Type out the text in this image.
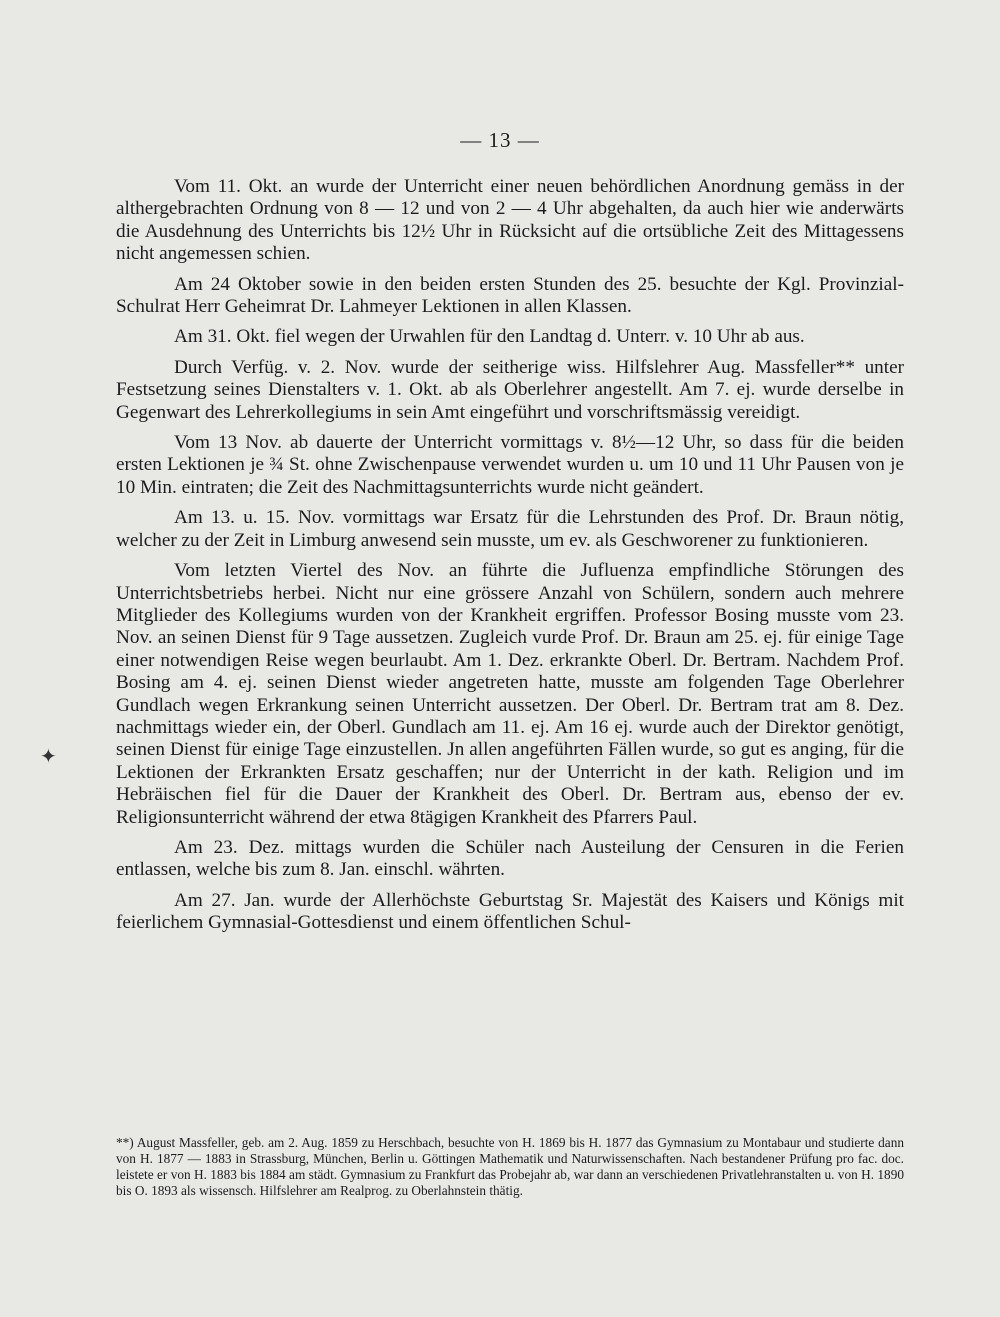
— 13 —

Vom 11. Okt. an wurde der Unterricht einer neuen behördlichen Anordnung gemäss in der althergebrachten Ordnung von 8 — 12 und von 2 — 4 Uhr abgehalten, da auch hier wie anderwärts die Ausdehnung des Unterrichts bis 12½ Uhr in Rücksicht auf die ortsübliche Zeit des Mittagessens nicht angemessen schien.

Am 24 Oktober sowie in den beiden ersten Stunden des 25. besuchte der Kgl. Provinzial-Schulrat Herr Geheimrat Dr. Lahmeyer Lektionen in allen Klassen.

Am 31. Okt. fiel wegen der Urwahlen für den Landtag d. Unterr. v. 10 Uhr ab aus.

Durch Verfüg. v. 2. Nov. wurde der seitherige wiss. Hilfslehrer Aug. Massfeller** unter Festsetzung seines Dienstalters v. 1. Okt. ab als Oberlehrer angestellt. Am 7. ej. wurde derselbe in Gegenwart des Lehrerkollegiums in sein Amt eingeführt und vorschriftsmässig vereidigt.

Vom 13 Nov. ab dauerte der Unterricht vormittags v. 8½—12 Uhr, so dass für die beiden ersten Lektionen je ¾ St. ohne Zwischenpause verwendet wurden u. um 10 und 11 Uhr Pausen von je 10 Min. eintraten; die Zeit des Nachmittagsunterrichts wurde nicht geändert.

Am 13. u. 15. Nov. vormittags war Ersatz für die Lehrstunden des Prof. Dr. Braun nötig, welcher zu der Zeit in Limburg anwesend sein musste, um ev. als Geschworener zu funktionieren.

Vom letzten Viertel des Nov. an führte die Jufluenza empfindliche Störungen des Unterrichtsbetriebs herbei. Nicht nur eine grössere Anzahl von Schülern, sondern auch mehrere Mitglieder des Kollegiums wurden von der Krankheit ergriffen. Professor Bosing musste vom 23. Nov. an seinen Dienst für 9 Tage aussetzen. Zugleich vurde Prof. Dr. Braun am 25. ej. für einige Tage einer notwendigen Reise wegen beurlaubt. Am 1. Dez. erkrankte Oberl. Dr. Bertram. Nachdem Prof. Bosing am 4. ej. seinen Dienst wieder angetreten hatte, musste am folgenden Tage Oberlehrer Gundlach wegen Erkrankung seinen Unterricht aussetzen. Der Oberl. Dr. Bertram trat am 8. Dez. nachmittags wieder ein, der Oberl. Gundlach am 11. ej. Am 16 ej. wurde auch der Direktor genötigt, seinen Dienst für einige Tage einzustellen. Jn allen angeführten Fällen wurde, so gut es anging, für die Lektionen der Erkrankten Ersatz geschaffen; nur der Unterricht in der kath. Religion und im Hebräischen fiel für die Dauer der Krankheit des Oberl. Dr. Bertram aus, ebenso der ev. Religionsunterricht während der etwa 8tägigen Krankheit des Pfarrers Paul.

Am 23. Dez. mittags wurden die Schüler nach Austeilung der Censuren in die Ferien entlassen, welche bis zum 8. Jan. einschl. währten.

Am 27. Jan. wurde der Allerhöchste Geburtstag Sr. Majestät des Kaisers und Königs mit feierlichem Gymnasial-Gottesdienst und einem öffentlichen Schul-

**) August Massfeller, geb. am 2. Aug. 1859 zu Herschbach, besuchte von H. 1869 bis H. 1877 das Gymnasium zu Montabaur und studierte dann von H. 1877 — 1883 in Strassburg, München, Berlin u. Göttingen Mathematik und Naturwissenschaften. Nach bestandener Prüfung pro fac. doc. leistete er von H. 1883 bis 1884 am städt. Gymnasium zu Frankfurt das Probejahr ab, war dann an verschiedenen Privatlehranstalten u. von H. 1890 bis O. 1893 als wissensch. Hilfslehrer am Realprog. zu Oberlahnstein thätig.

✦
